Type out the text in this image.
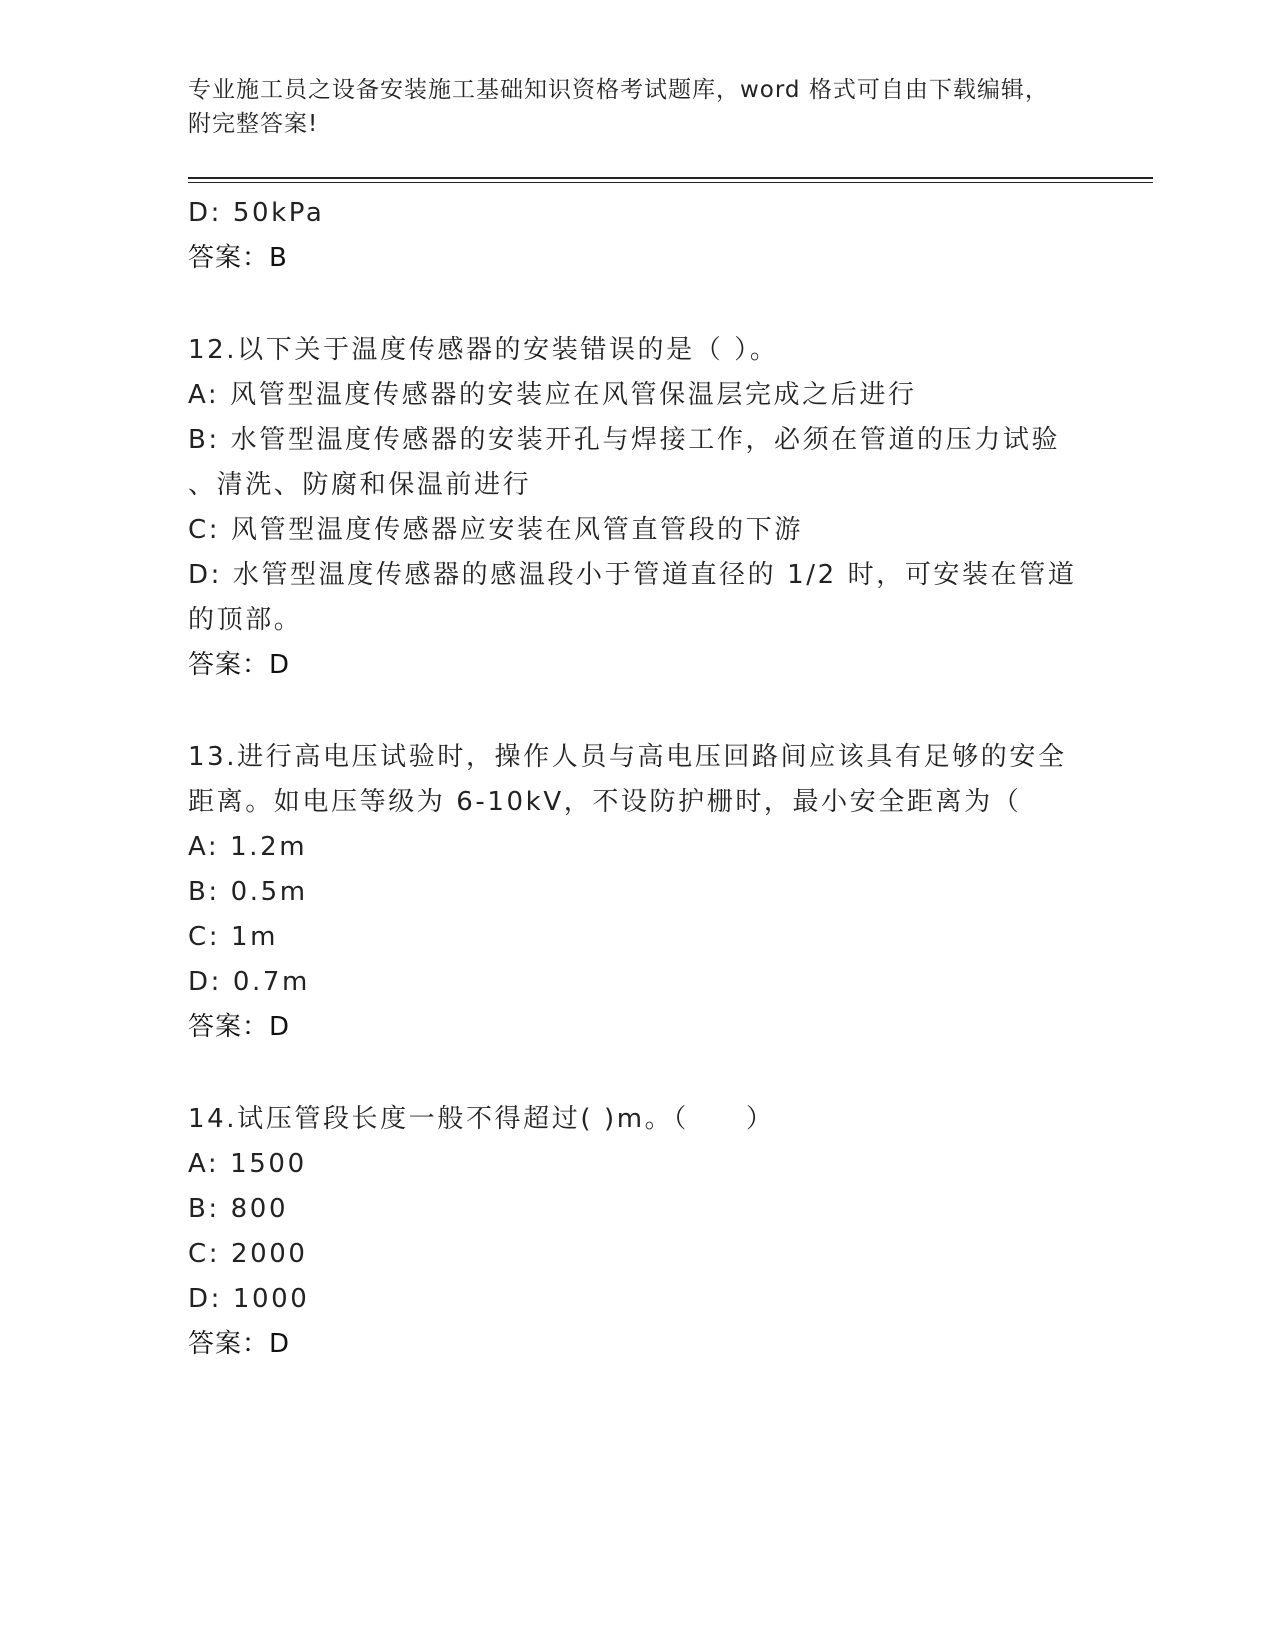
专业施工员之设备安装施工基础知识资格考试题库，word 格式可自由下载编辑，
附完整答案!
D: 50kPa
答案：B
12.以下关于温度传感器的安装错误的是（ ）。
A: 风管型温度传感器的安装应在风管保温层完成之后进行
B: 水管型温度传感器的安装开孔与焊接工作，必须在管道的压力试验
、清洗、防腐和保温前进行
C: 风管型温度传感器应安装在风管直管段的下游
D: 水管型温度传感器的感温段小于管道直径的 1/2 时，可安装在管道
的顶部。
答案：D
13.进行高电压试验时，操作人员与高电压回路间应该具有足够的安全
距离。如电压等级为 6-10kV，不设防护栅时，最小安全距离为（
A: 1.2m
B: 0.5m
C: 1m
D: 0.7m
答案：D
14.试压管段长度一般不得超过( )m。（　　）
A: 1500
B: 800
C: 2000
D: 1000
答案：D
